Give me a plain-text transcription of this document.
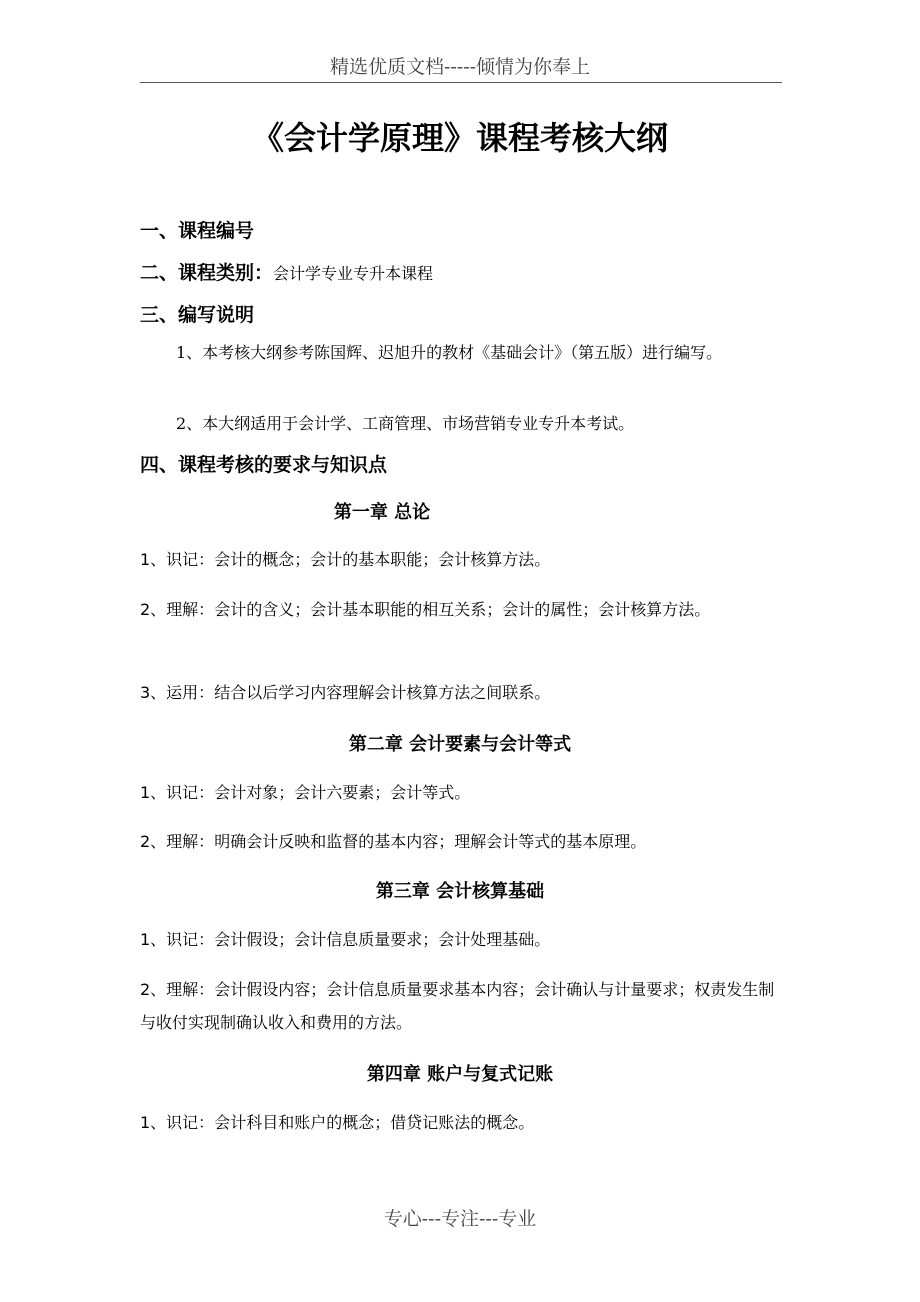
精选优质文档-----倾情为你奉上
《会计学原理》课程考核大纲
一、课程编号
二、课程类别：会计学专业专升本课程
三、编写说明
1、本考核大纲参考陈国辉、迟旭升的教材《基础会计》（第五版）进行编写。
2、本大纲适用于会计学、工商管理、市场营销专业专升本考试。
四、课程考核的要求与知识点
第一章 总论
1、识记：会计的概念；会计的基本职能；会计核算方法。
2、理解：会计的含义；会计基本职能的相互关系；会计的属性；会计核算方法。
3、运用：结合以后学习内容理解会计核算方法之间联系。
第二章 会计要素与会计等式
1、识记：会计对象；会计六要素；会计等式。
2、理解：明确会计反映和监督的基本内容；理解会计等式的基本原理。
第三章 会计核算基础
1、识记：会计假设；会计信息质量要求；会计处理基础。
2、理解：会计假设内容；会计信息质量要求基本内容；会计确认与计量要求；权责发生制与收付实现制确认收入和费用的方法。
第四章 账户与复式记账
1、识记：会计科目和账户的概念；借贷记账法的概念。
专心---专注---专业
